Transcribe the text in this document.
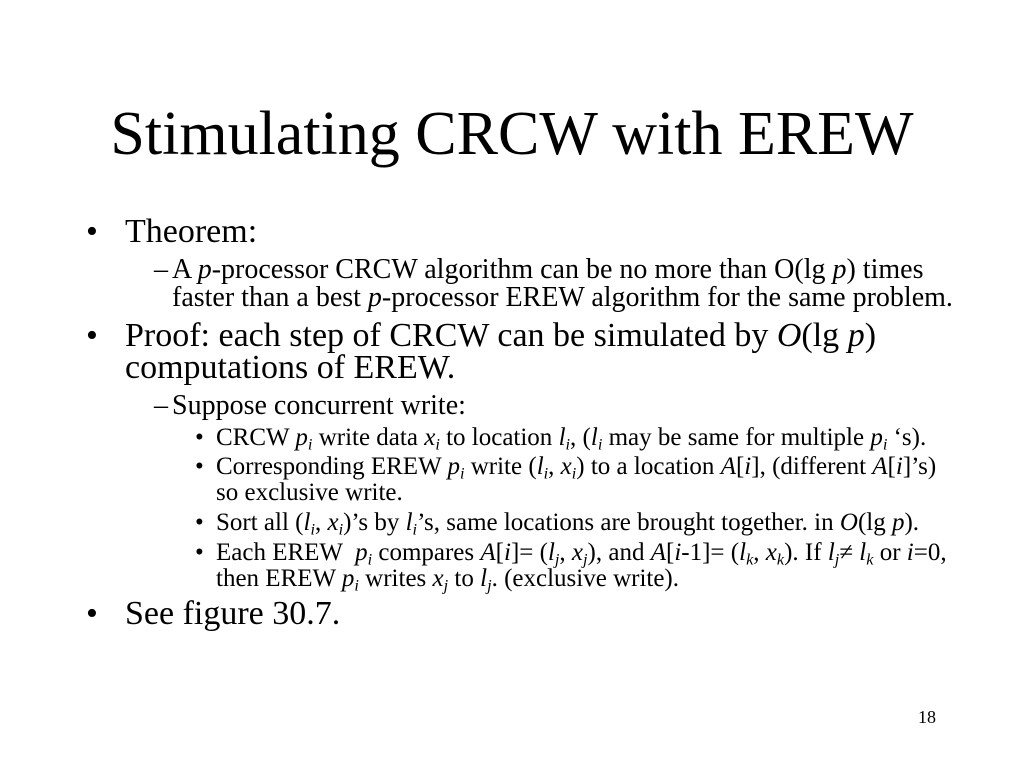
Stimulating CRCW with EREW
• Theorem:
– A p-processor CRCW algorithm can be no more than O(lg p) times
faster than a best p-processor EREW algorithm for the same problem.
• Proof: each step of CRCW can be simulated by O(lg p)
computations of EREW.
– Suppose concurrent write:
• CRCW $p_i$ write data $x_i$ to location $l_i$, ($l_i$ may be same for multiple $p_i$ ‘s).
• Corresponding EREW $p_i$ write ($l_i$, $x_i$) to a location A[i], (different A[i]’s)
so exclusive write.
• Sort all ($l_i$, $x_i)’s$ by $l_i’s$, same locations are brought together. in O(lg p).
• Each EREW  $p_i$ compares $A[i]= (l_j$, $x_j$), and $A[i-1]= (l_k$, $x_k$). If $l_j\ne l_k$ or i=0,
then EREW $p_i$ writes $x_j$ to $l_j$. (exclusive write).
• See figure 30.7.
18
